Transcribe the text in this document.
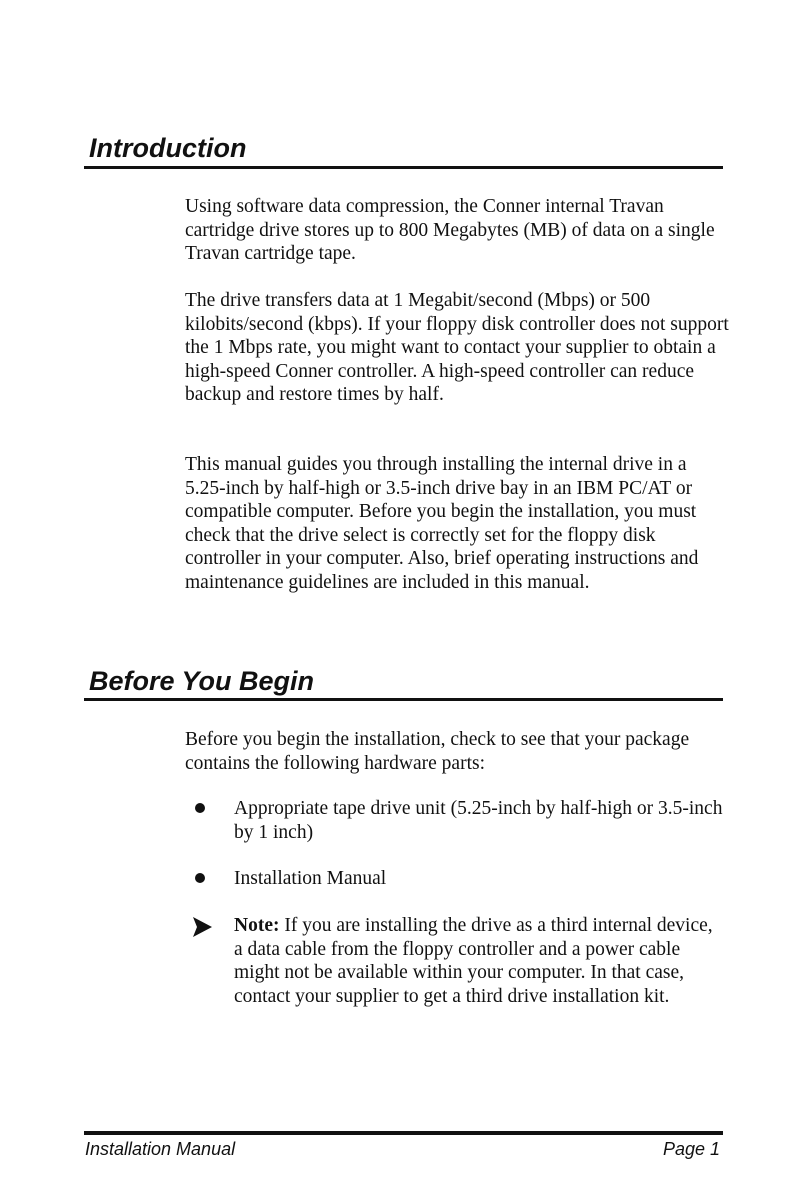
Introduction

Using software data compression, the Conner internal Travan cartridge drive stores up to 800 Megabytes (MB) of data on a single Travan cartridge tape.

The drive transfers data at 1 Megabit/second (Mbps) or 500 kilobits/second (kbps). If your floppy disk controller does not support the 1 Mbps rate, you might want to contact your supplier to obtain a high-speed Conner controller. A high-speed controller can reduce backup and restore times by half.

This manual guides you through installing the internal drive in a 5.25-inch by half-high or 3.5-inch drive bay in an IBM PC/AT or compatible computer. Before you begin the installation, you must check that the drive select is correctly set for the floppy disk controller in your computer. Also, brief operating instructions and maintenance guidelines are included in this manual.

Before You Begin

Before you begin the installation, check to see that your package contains the following hardware parts:

Appropriate tape drive unit (5.25-inch by half-high or 3.5-inch by 1 inch)

Installation Manual

Note: If you are installing the drive as a third internal device, a data cable from the floppy controller and a power cable might not be available within your computer. In that case, contact your supplier to get a third drive installation kit.

Installation Manual	Page 1
